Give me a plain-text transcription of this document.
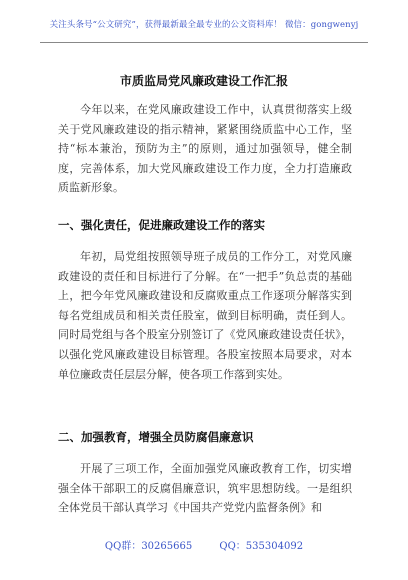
关注头条号“公文研究”，获得最新最全最专业的公文资料库！ 微信：gongwenyj
市质监局党风廉政建设工作汇报

今年以来，在党风廉政建设工作中，认真贯彻落实上级关于党风廉政建设的指示精神，紧紧围绕质监中心工作，坚持“标本兼治，预防为主”的原则，通过加强领导，健全制度，完善体系，加大党风廉政建设工作力度，全力打造廉政质监新形象。

一、强化责任，促进廉政建设工作的落实

年初，局党组按照领导班子成员的工作分工，对党风廉政建设的责任和目标进行了分解。在“一把手”负总责的基础上，把今年党风廉政建设和反腐败重点工作逐项分解落实到每名党组成员和相关责任股室，做到目标明确，责任到人。同时局党组与各个股室分别签订了《党风廉政建设责任状》，以强化党风廉政建设目标管理。各股室按照本局要求，对本单位廉政责任层层分解，使各项工作落到实处。

二、加强教育，增强全员防腐倡廉意识

开展了三项工作，全面加强党风廉政教育工作，切实增强全体干部职工的反腐倡廉意识，筑牢思想防线。一是组织全体党员干部认真学习《中国共产党党内监督条例》和

QQ群：30265665	QQ：535304092
